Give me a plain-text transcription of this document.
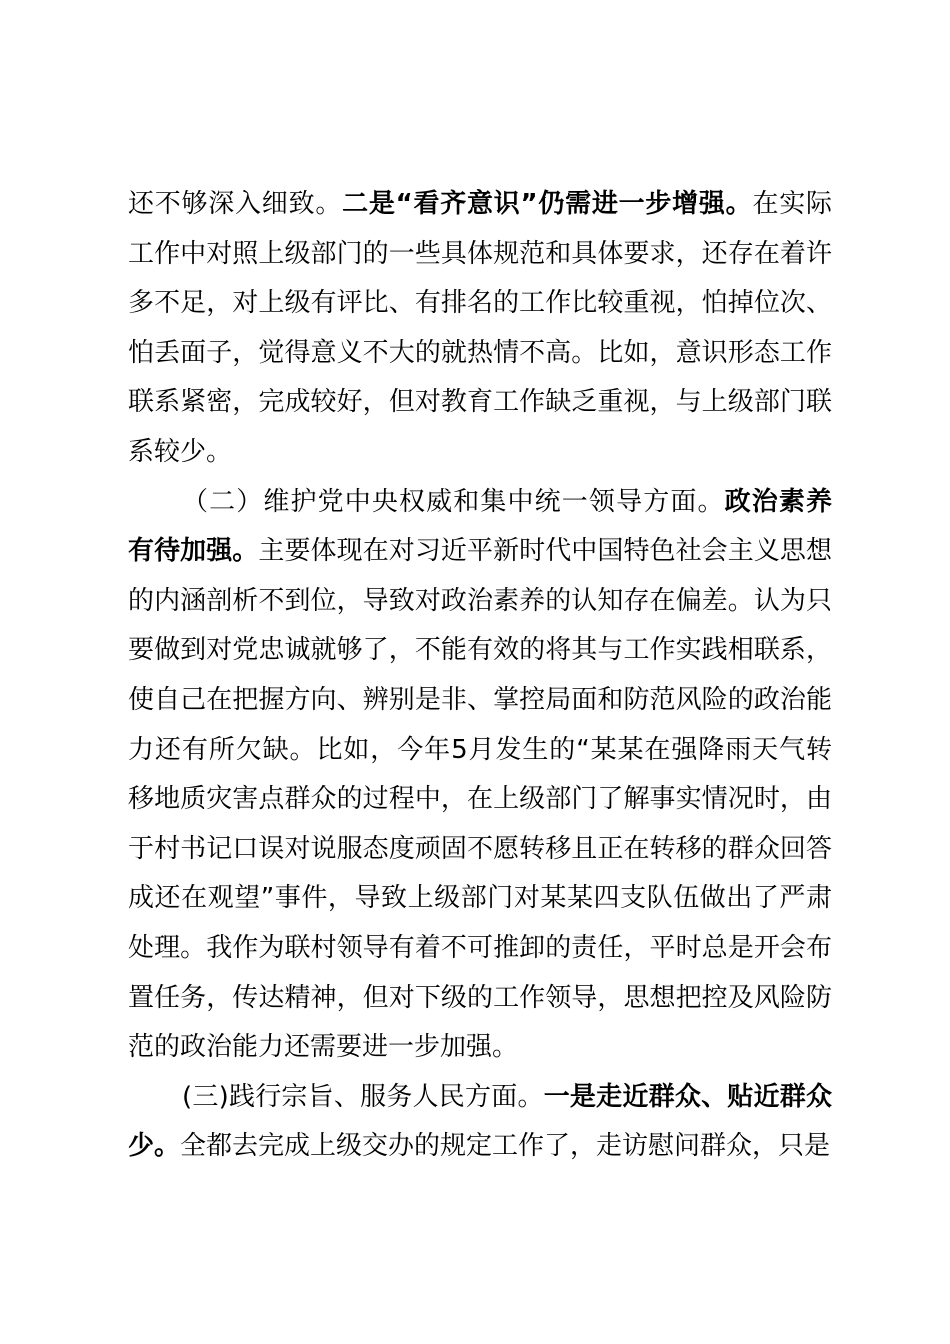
还不够深入细致。二是“看齐意识”仍需进一步增强。在实际工作中对照上级部门的一些具体规范和具体要求，还存在着许多不足，对上级有评比、有排名的工作比较重视，怕掉位次、怕丢面子，觉得意义不大的就热情不高。比如，意识形态工作联系紧密，完成较好，但对教育工作缺乏重视，与上级部门联系较少。

（二）维护党中央权威和集中统一领导方面。政治素养有待加强。主要体现在对习近平新时代中国特色社会主义思想的内涵剖析不到位，导致对政治素养的认知存在偏差。认为只要做到对党忠诚就够了，不能有效的将其与工作实践相联系，使自己在把握方向、辨别是非、掌控局面和防范风险的政治能力还有所欠缺。比如，今年5月发生的“某某在强降雨天气转移地质灾害点群众的过程中，在上级部门了解事实情况时，由于村书记口误对说服态度顽固不愿转移且正在转移的群众回答成还在观望”事件，导致上级部门对某某四支队伍做出了严肃处理。我作为联村领导有着不可推卸的责任，平时总是开会布置任务，传达精神，但对下级的工作领导，思想把控及风险防范的政治能力还需要进一步加强。

(三)践行宗旨、服务人民方面。一是走近群众、贴近群众少。全都去完成上级交办的规定工作了，走访慰问群众，只是
